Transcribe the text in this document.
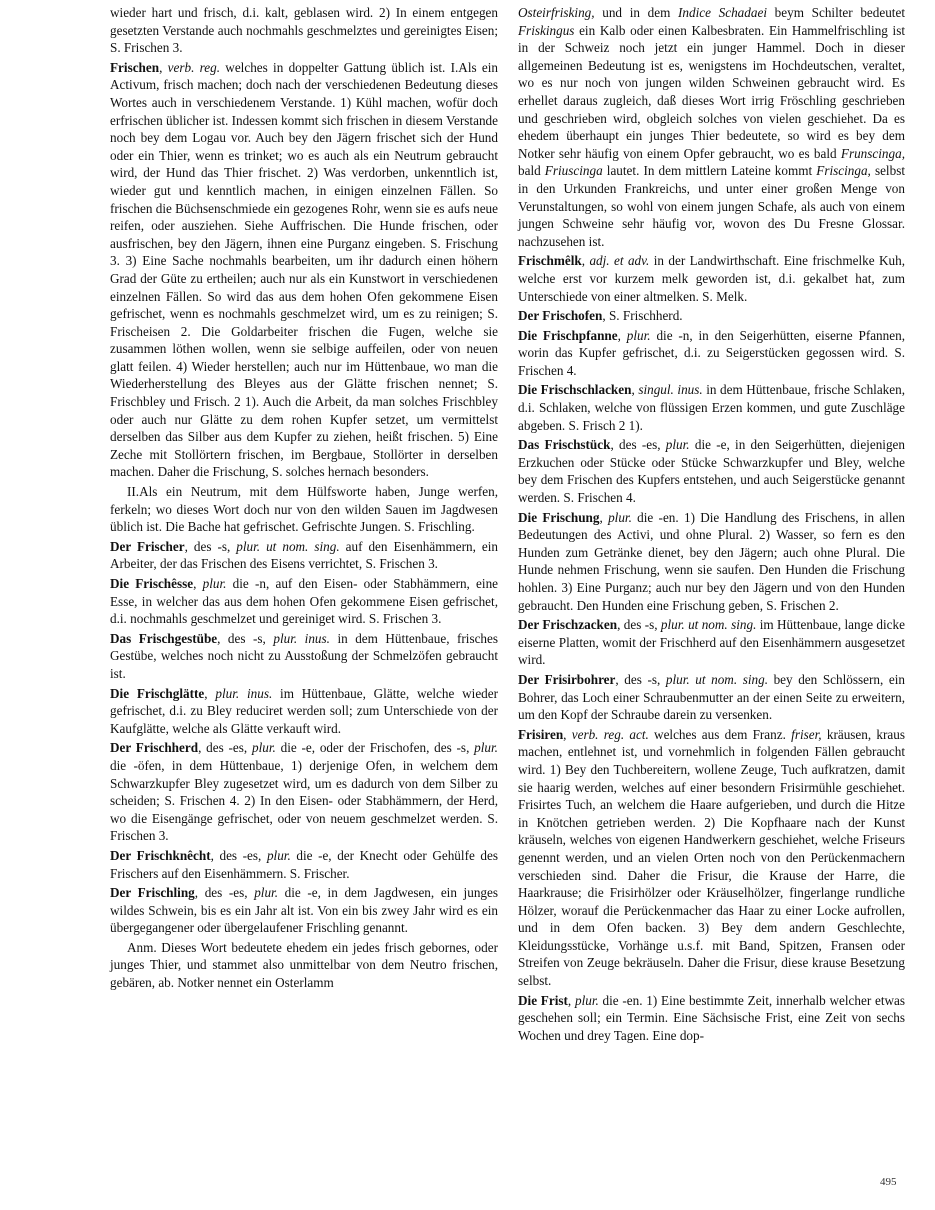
wieder hart und frisch, d.i. kalt, geblasen wird. 2) In einem entgegen gesetzten Verstande auch nochmahls geschmelztes und gereinigtes Eisen; S. Frischen 3.

Frischen, verb. reg. welches in doppelter Gattung üblich ist. I.Als ein Activum, frisch machen; doch nach der verschiedenen Bedeutung dieses Wortes auch in verschiedenem Verstande. 1) Kühl machen, wofür doch erfrischen üblicher ist. Indessen kommt sich frischen in diesem Verstande noch bey dem Logau vor. Auch bey den Jägern frischet sich der Hund oder ein Thier, wenn es trinket; wo es auch als ein Neutrum gebraucht wird, der Hund das Thier frischet. 2) Was verdorben, unkenntlich ist, wieder gut und kenntlich machen, in einigen einzelnen Fällen. So frischen die Büchsenschmiede ein gezogenes Rohr, wenn sie es aufs neue reifen, oder ausziehen. Siehe Auffrischen. Die Hunde frischen, oder ausfrischen, bey den Jägern, ihnen eine Purganz eingeben. S. Frischung 3. 3) Eine Sache nochmahls bearbeiten, um ihr dadurch einen höhern Grad der Güte zu ertheilen; auch nur als ein Kunstwort in verschiedenen einzelnen Fällen. So wird das aus dem hohen Ofen gekommene Eisen gefrischet, wenn es nochmahls geschmelzet wird, um es zu reinigen; S. Frischeisen 2. Die Goldarbeiter frischen die Fugen, welche sie zusammen löthen wollen, wenn sie selbige auffeilen, oder von neuen glatt feilen. 4) Wieder herstellen; auch nur im Hüttenbaue, wo man die Wiederherstellung des Bleyes aus der Glätte frischen nennet; S. Frischbley und Frisch. 2 1). Auch die Arbeit, da man solches Frischbley oder auch nur Glätte zu dem rohen Kupfer setzet, um vermittelst derselben das Silber aus dem Kupfer zu ziehen, heißt frischen. 5) Eine Zeche mit Stollörtern frischen, im Bergbaue, Stollörter in derselben machen. Daher die Frischung, S. solches hernach besonders.

II.Als ein Neutrum, mit dem Hülfsworte haben, Junge werfen, ferkeln; wo dieses Wort doch nur von den wilden Sauen im Jagdwesen üblich ist. Die Bache hat gefrischet. Gefrischte Jungen. S. Frischling.

Der Frischer, des -s, plur. ut nom. sing. auf den Eisenhämmern, ein Arbeiter, der das Frischen des Eisens verrichtet, S. Frischen 3.

Die Frischêsse, plur. die -n, auf den Eisen- oder Stabhämmern, eine Esse, in welcher das aus dem hohen Ofen gekommene Eisen gefrischet, d.i. nochmahls geschmelzet und gereiniget wird. S. Frischen 3.

Das Frischgestübe, des -s, plur. inus. in dem Hüttenbaue, frisches Gestübe, welches noch nicht zu Ausstoßung der Schmelzöfen gebraucht ist.

Die Frischglätte, plur. inus. im Hüttenbaue, Glätte, welche wieder gefrischet, d.i. zu Bley reduciret werden soll; zum Unterschiede von der Kaufglätte, welche als Glätte verkauft wird.

Der Frischherd, des -es, plur. die -e, oder der Frischofen, des -s, plur. die -öfen, in dem Hüttenbaue, 1) derjenige Ofen, in welchem dem Schwarzkupfer Bley zugesetzet wird, um es dadurch von dem Silber zu scheiden; S. Frischen 4. 2) In den Eisen- oder Stabhämmern, der Herd, wo die Eisengänge gefrischet, oder von neuem geschmelzet werden. S. Frischen 3.

Der Frischknêcht, des -es, plur. die -e, der Knecht oder Gehülfe des Frischers auf den Eisenhämmern. S. Frischer.

Der Frischling, des -es, plur. die -e, in dem Jagdwesen, ein junges wildes Schwein, bis es ein Jahr alt ist. Von ein bis zwey Jahr wird es ein übergegangener oder übergelaufener Frischling genannt.

Anm. Dieses Wort bedeutete ehedem ein jedes frisch gebornes, oder junges Thier, und stammet also unmittelbar von dem Neutro frischen, gebären, ab. Notker nennet ein Osterlamm

Osteirfrisking, und in dem Indice Schadaei beym Schilter bedeutet Friskingus ein Kalb oder einen Kalbesbraten. Ein Hammelfrischling ist in der Schweiz noch jetzt ein junger Hammel. Doch in dieser allgemeinen Bedeutung ist es, wenigstens im Hochdeutschen, veraltet, wo es nur noch von jungen wilden Schweinen gebraucht wird. Es erhellet daraus zugleich, daß dieses Wort irrig Fröschling geschrieben und geschrieben wird, obgleich solches von vielen geschiehet. Da es ehedem überhaupt ein junges Thier bedeutete, so wird es bey dem Notker sehr häufig von einem Opfer gebraucht, wo es bald Frunscinga, bald Friuscinga lautet. In dem mittlern Lateine kommt Friscinga, selbst in den Urkunden Frankreichs, und unter einer großen Menge von Verunstaltungen, so wohl von einem jungen Schafe, als auch von einem jungen Schweine sehr häufig vor, wovon des Du Fresne Glossar. nachzusehen ist.

Frischmêlk, adj. et adv. in der Landwirthschaft. Eine frischmelke Kuh, welche erst vor kurzem melk geworden ist, d.i. gekalbet hat, zum Unterschiede von einer altmelken. S. Melk.

Der Frischofen, S. Frischherd.

Die Frischpfanne, plur. die -n, in den Seigerhütten, eiserne Pfannen, worin das Kupfer gefrischet, d.i. zu Seigerstücken gegossen wird. S. Frischen 4.

Die Frischschlacken, singul. inus. in dem Hüttenbaue, frische Schlaken, d.i. Schlaken, welche von flüssigen Erzen kommen, und gute Zuschläge abgeben. S. Frisch 2 1).

Das Frischstück, des -es, plur. die -e, in den Seigerhütten, diejenigen Erzkuchen oder Stücke oder Stücke Schwarzkupfer und Bley, welche bey dem Frischen des Kupfers entstehen, und auch Seigerstücke genannt werden. S. Frischen 4.

Die Frischung, plur. die -en. 1) Die Handlung des Frischens, in allen Bedeutungen des Activi, und ohne Plural. 2) Wasser, so fern es den Hunden zum Getränke dienet, bey den Jägern; auch ohne Plural. Die Hunde nehmen Frischung, wenn sie saufen. Den Hunden die Frischung hohlen. 3) Eine Purganz; auch nur bey den Jägern und von den Hunden gebraucht. Den Hunden eine Frischung geben, S. Frischen 2.

Der Frischzacken, des -s, plur. ut nom. sing. im Hüttenbaue, lange dicke eiserne Platten, womit der Frischherd auf den Eisenhämmern ausgesetzet wird.

Der Frisirbohrer, des -s, plur. ut nom. sing. bey den Schlössern, ein Bohrer, das Loch einer Schraubenmutter an der einen Seite zu erweitern, um den Kopf der Schraube darein zu versenken.

Frisiren, verb. reg. act. welches aus dem Franz. friser, kräusen, kraus machen, entlehnet ist, und vornehmlich in folgenden Fällen gebraucht wird. 1) Bey den Tuchbereitern, wollene Zeuge, Tuch aufkratzen, damit sie haarig werden, welches auf einer besondern Frisirmühle geschiehet. Frisirtes Tuch, an welchem die Haare aufgerieben, und durch die Hitze in Knötchen getrieben werden. 2) Die Kopfhaare nach der Kunst kräuseln, welches von eigenen Handwerkern geschiehet, welche Friseurs genennt werden, und an vielen Orten noch von den Perückenmachern verschieden sind. Daher die Frisur, die Krause der Harre, die Haarkrause; die Frisirhölzer oder Kräuselhölzer, fingerlange rundliche Hölzer, worauf die Perückenmacher das Haar zu einer Locke aufrollen, und in dem Ofen backen. 3) Bey dem andern Geschlechte, Kleidungsstücke, Vorhänge u.s.f. mit Band, Spitzen, Fransen oder Streifen von Zeuge bekräuseln. Daher die Frisur, diese krause Besetzung selbst.

Die Frist, plur. die -en. 1) Eine bestimmte Zeit, innerhalb welcher etwas geschehen soll; ein Termin. Eine Sächsische Frist, eine Zeit von sechs Wochen und drey Tagen. Eine dop-

495
